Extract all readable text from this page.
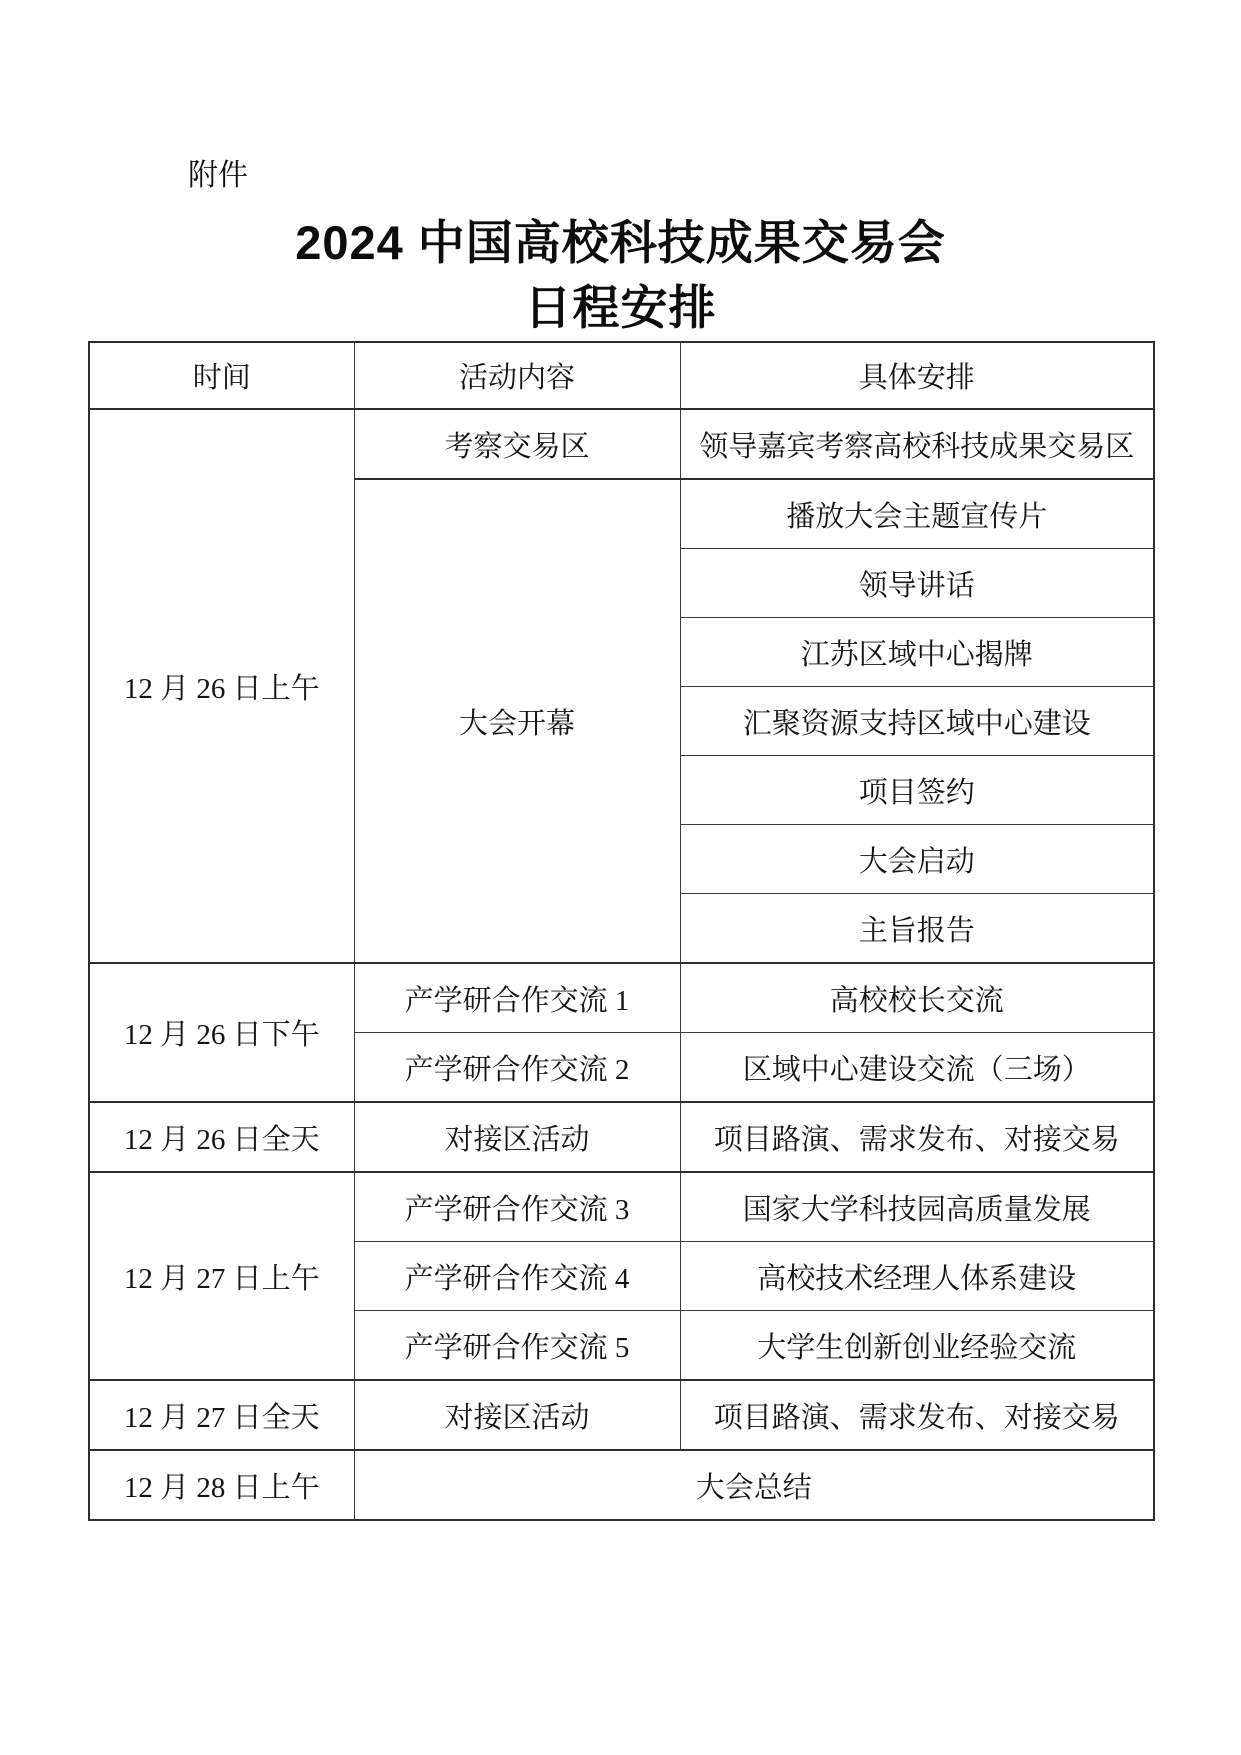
附件
2024 中国高校科技成果交易会
日程安排
时间	活动内容	具体安排
12 月 26 日上午	考察交易区	领导嘉宾考察高校科技成果交易区
	大会开幕	播放大会主题宣传片
		领导讲话
		江苏区域中心揭牌
		汇聚资源支持区域中心建设
		项目签约
		大会启动
		主旨报告
12 月 26 日下午	产学研合作交流 1	高校校长交流
	产学研合作交流 2	区域中心建设交流（三场）
12 月 26 日全天	对接区活动	项目路演、需求发布、对接交易
12 月 27 日上午	产学研合作交流 3	国家大学科技园高质量发展
	产学研合作交流 4	高校技术经理人体系建设
	产学研合作交流 5	大学生创新创业经验交流
12 月 27 日全天	对接区活动	项目路演、需求发布、对接交易
12 月 28 日上午	大会总结	
